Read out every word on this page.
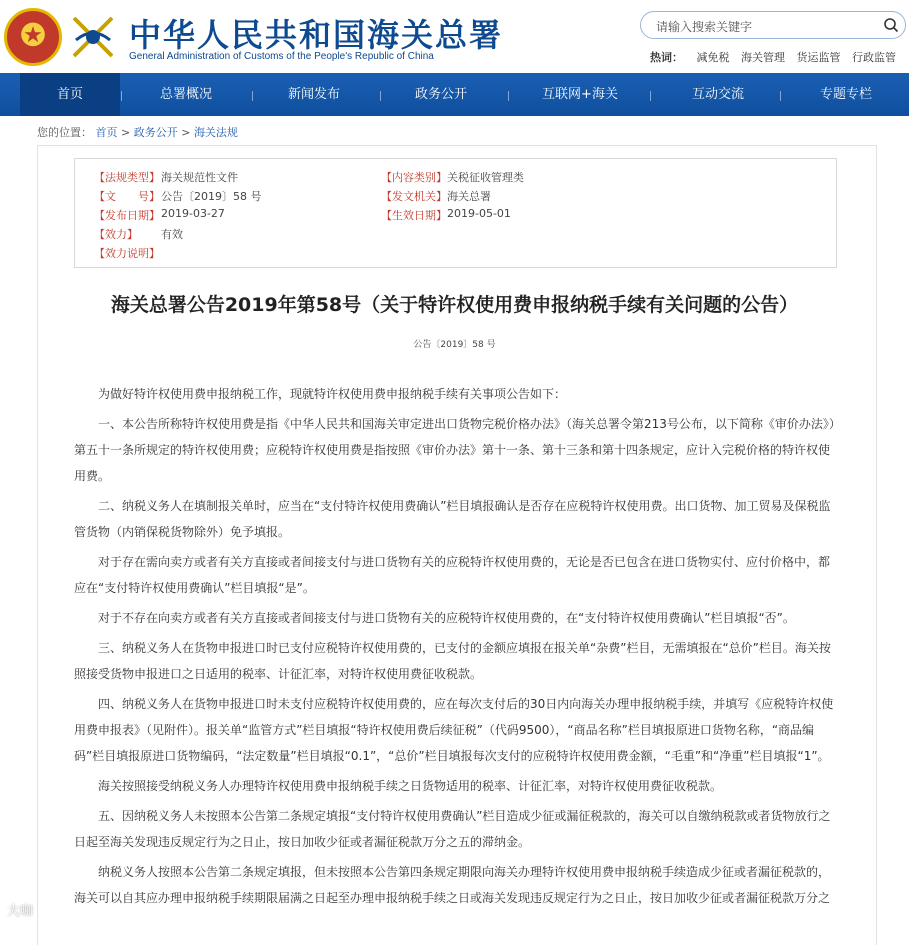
★	中华人民共和国海关总署
General Administration of Customs of the People's Republic of China
请输入搜索关键字
热词： 减免税 海关管理 货运监管 行政监管
首页	总署概况	新闻发布	政务公开	互联网+海关	互动交流	专题专栏
您的位置： 首页 > 政务公开 > 海关法规
【法规类型】 海关规范性文件	【内容类别】 关税征收管理类
【文　　号】 公告〔2019〕58 号	【发文机关】 海关总署
【发布日期】 2019-03-27	【生效日期】 2019-05-01
【效力】 有效
【效力说明】
海关总署公告2019年第58号（关于特许权使用费申报纳税手续有关问题的公告）
公告〔2019〕58 号

为做好特许权使用费申报纳税工作，现就特许权使用费申报纳税手续有关事项公告如下：

一、本公告所称特许权使用费是指《中华人民共和国海关审定进出口货物完税价格办法》（海关总署令第213号公布，以下简称《审价办法》）第五十一条所规定的特许权使用费；应税特许权使用费是指按照《审价办法》第十一条、第十三条和第十四条规定，应计入完税价格的特许权使用费。

二、纳税义务人在填制报关单时，应当在“支付特许权使用费确认”栏目填报确认是否存在应税特许权使用费。出口货物、加工贸易及保税监管货物（内销保税货物除外）免予填报。

对于存在需向卖方或者有关方直接或者间接支付与进口货物有关的应税特许权使用费的，无论是否已包含在进口货物实付、应付价格中，都应在“支付特许权使用费确认”栏目填报“是”。

对于不存在向卖方或者有关方直接或者间接支付与进口货物有关的应税特许权使用费的，在“支付特许权使用费确认”栏目填报“否”。

三、纳税义务人在货物申报进口时已支付应税特许权使用费的，已支付的金额应填报在报关单“杂费”栏目，无需填报在“总价”栏目。海关按照接受货物申报进口之日适用的税率、计征汇率，对特许权使用费征收税款。

四、纳税义务人在货物申报进口时未支付应税特许权使用费的，应在每次支付后的30日内向海关办理申报纳税手续，并填写《应税特许权使用费申报表》（见附件）。报关单“监管方式”栏目填报“特许权使用费后续征税”（代码9500），“商品名称”栏目填报原进口货物名称，“商品编码”栏目填报原进口货物编码，“法定数量”栏目填报“0.1”，“总价”栏目填报每次支付的应税特许权使用费金额，“毛重”和“净重”栏目填报“1”。

海关按照接受纳税义务人办理特许权使用费申报纳税手续之日货物适用的税率、计征汇率，对特许权使用费征收税款。

五、因纳税义务人未按照本公告第二条规定填报“支付特许权使用费确认”栏目造成少征或漏征税款的，海关可以自缴纳税款或者货物放行之日起至海关发现违反规定行为之日止，按日加收少征或者漏征税款万分之五的滞纳金。

纳税义务人按照本公告第二条规定填报，但未按照本公告第四条规定期限向海关办理特许权使用费申报纳税手续造成少征或者漏征税款的，海关可以自其应办理申报纳税手续期限届满之日起至办理申报纳税手续之日或海关发现违反规定行为之日止，按日加收少征或者漏征税款万分之

大咖
